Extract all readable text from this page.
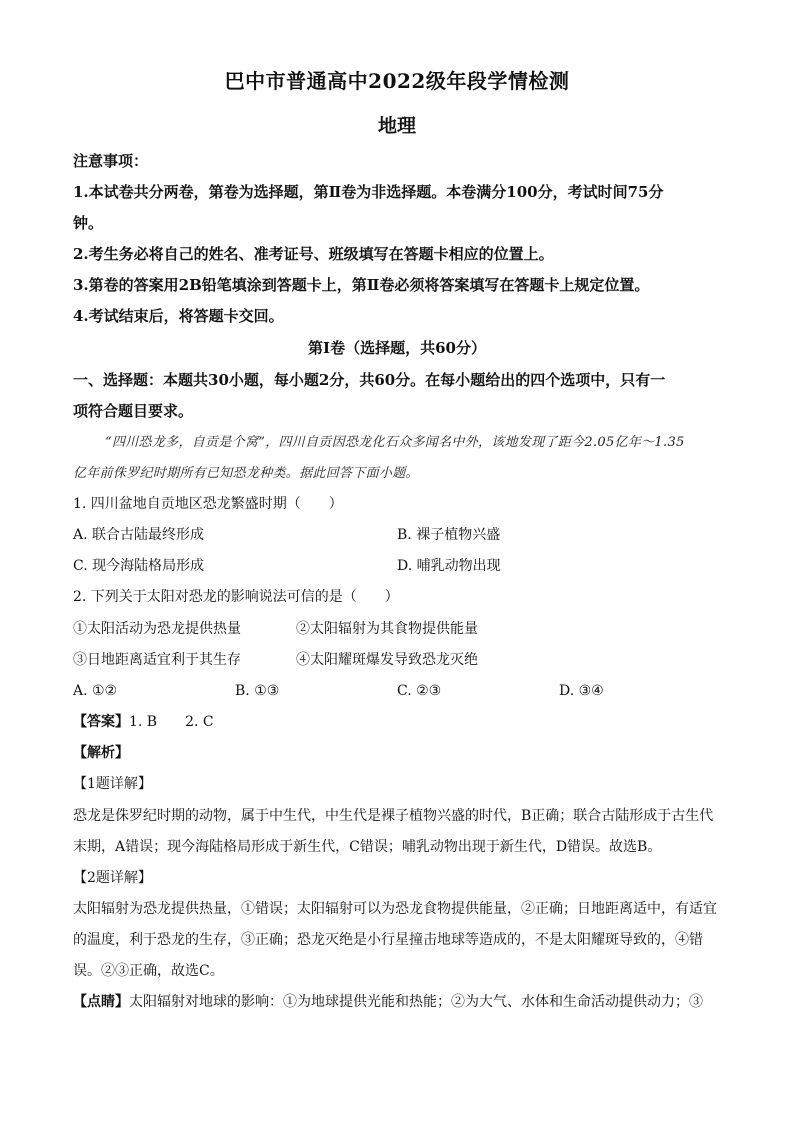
巴中市普通高中2022级年段学情检测
地理
注意事项：
1.本试卷共分两卷，第卷为选择题，第Ⅱ卷为非选择题。本卷满分100分，考试时间75分
钟。
2.考生务必将自己的姓名、准考证号、班级填写在答题卡相应的位置上。
3.第卷的答案用2B铅笔填涂到答题卡上，第Ⅱ卷必须将答案填写在答题卡上规定位置。
4.考试结束后，将答题卡交回。
第Ⅰ卷（选择题，共60分）
一、选择题：本题共30小题，每小题2分，共60分。在每小题给出的四个选项中，只有一
项符合题目要求。
“四川恐龙多，自贡是个窝”，四川自贡因恐龙化石众多闻名中外，该地发现了距今2.05亿年～1.35
亿年前侏罗纪时期所有已知恐龙种类。据此回答下面小题。
1. 四川盆地自贡地区恐龙繁盛时期（　　）
A. 联合古陆最终形成	B. 裸子植物兴盛
C. 现今海陆格局形成	D. 哺乳动物出现
2. 下列关于太阳对恐龙的影响说法可信的是（　　）
①太阳活动为恐龙提供热量	②太阳辐射为其食物提供能量
③日地距离适宜利于其生存	④太阳耀斑爆发导致恐龙灭绝
A. ①②	B. ①③	C. ②③	D. ③④
【答案】1. B　　2. C
【解析】
【1题详解】
恐龙是侏罗纪时期的动物，属于中生代，中生代是裸子植物兴盛的时代，B正确；联合古陆形成于古生代
末期，A错误；现今海陆格局形成于新生代，C错误；哺乳动物出现于新生代，D错误。故选B。
【2题详解】
太阳辐射为恐龙提供热量，①错误；太阳辐射可以为恐龙食物提供能量，②正确；日地距离适中，有适宜
的温度，利于恐龙的生存，③正确；恐龙灭绝是小行星撞击地球等造成的，不是太阳耀斑导致的，④错
误。②③正确，故选C。
【点睛】太阳辐射对地球的影响：①为地球提供光能和热能；②为大气、水体和生命活动提供动力；③
